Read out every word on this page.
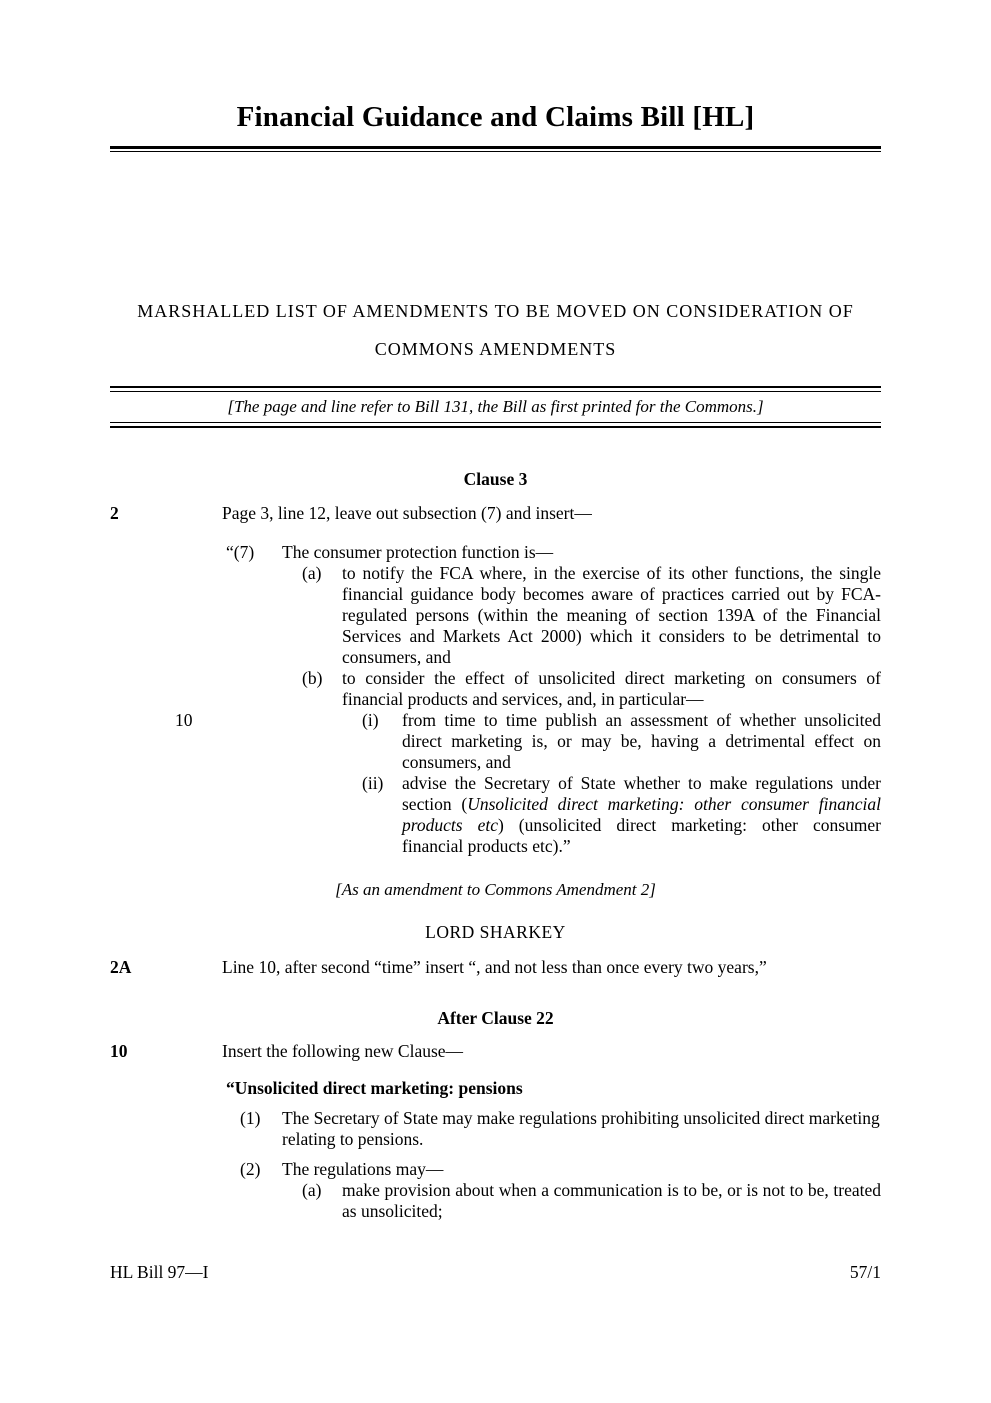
Financial Guidance and Claims Bill [HL]
MARSHALLED LIST OF AMENDMENTS TO BE MOVED ON CONSIDERATION OF
COMMONS AMENDMENTS
[The page and line refer to Bill 131, the Bill as first printed for the Commons.]
Clause 3
2	Page 3, line 12, leave out subsection (7) and insert—
“(7)	The consumer protection function is—
(a)	to notify the FCA where, in the exercise of its other functions, the single financial guidance body becomes aware of practices carried out by FCA- regulated persons (within the meaning of section 139A of the Financial Services and Markets Act 2000) which it considers to be detrimental to consumers, and
(b)	to consider the effect of unsolicited direct marketing on consumers of financial products and services, and, in particular—
10	(i)	from time to time publish an assessment of whether unsolicited direct marketing is, or may be, having a detrimental effect on consumers, and
(ii)	advise the Secretary of State whether to make regulations under section (Unsolicited direct marketing: other consumer financial products etc) (unsolicited direct marketing: other consumer financial products etc).”
[As an amendment to Commons Amendment 2]
LORD SHARKEY
2A	Line 10, after second “time” insert “, and not less than once every two years,”
After Clause 22
10	Insert the following new Clause—
“Unsolicited direct marketing: pensions
(1)	The Secretary of State may make regulations prohibiting unsolicited direct marketing relating to pensions.
(2)	The regulations may—
(a)	make provision about when a communication is to be, or is not to be, treated as unsolicited;
HL Bill 97—I	57/1
